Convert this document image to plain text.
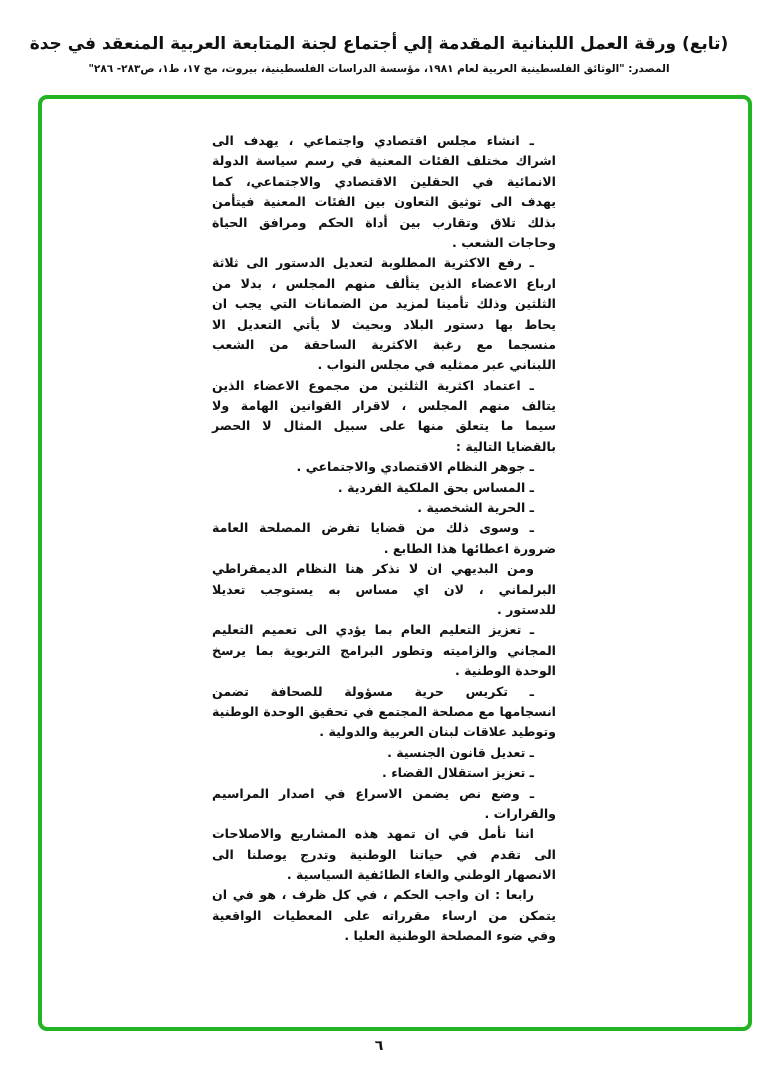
(تابع) ورقة العمل اللبنانية المقدمة إلي أجتماع لجنة المتابعة العربية المنعقد في جدة
المصدر: "الوثائق الفلسطينية العربية لعام ١٩٨١، مؤسسة الدراسات الفلسطينية، بيروت، مج ١٧، ط١، ص٢٨٣- ٢٨٦"
ـ انشاء مجلس اقتصادي واجتماعي ، يهدف الى
اشراك مختلف الفئات المعنية في رسم سياسة الدولة
الانمائية في الحقلين الاقتصادي والاجتماعي، كما
يهدف الى توثيق التعاون بين الفئات المعنية فيتأمن
بذلك تلاق وتقارب بين أداة الحكم ومرافق الحياة
وحاجات الشعب .
ـ رفع الاكثرية المطلوبة لتعديل الدستور الى ثلاثة
ارباع الاعضاء الذين يتألف منهم المجلس ، بدلا من
الثلثين وذلك تأمينا لمزيد من الضمانات التي يجب ان
يحاط بها دستور البلاد وبحيث لا يأتي التعديل الا
منسجما مع رغبة الاكثرية الساحقة من الشعب
اللبناني عبر ممثليه في مجلس النواب .
ـ اعتماد اكثرية الثلثين من مجموع الاعضاء الذين
يتالف منهم المجلس ، لاقرار القوانين الهامة ولا
سيما ما يتعلق منها على سبيل المثال لا الحصر
بالقضايا التالية :
ـ جوهر النظام الاقتصادي والاجتماعي .
ـ المساس بحق الملكية الفردية .
ـ الحرية الشخصية .
ـ وسوى ذلك من قضايا تفرض المصلحة العامة
ضرورة اعطائها هذا الطابع .
ومن البديهي ان لا نذكر هنا النظام الديمقراطي
البرلماني ، لان اي مساس به يستوجب تعديلا
للدستور .
ـ تعزيز التعليم العام بما يؤدي الى تعميم التعليم
المجاني والزاميته وتطور البرامج التربوية بما يرسخ
الوحدة الوطنية .
ـ تكريس حرية مسؤولة للصحافة تضمن
انسجامها مع مصلحة المجتمع في تحقيق الوحدة الوطنية
وتوطيد علاقات لبنان العربية والدولية .
ـ تعديل قانون الجنسية .
ـ تعزيز استقلال القضاء .
ـ وضع نص يضمن الاسراع في اصدار المراسيم
والقرارات .
اننا نأمل في ان تمهد هذه المشاريع والاصلاحات
الى تقدم في حياتنا الوطنية وتدرج يوصلنا الى
الانصهار الوطني والغاء الطائفية السياسية .
رابعا : ان واجب الحكم ، في كل ظرف ، هو في ان
يتمكن من ارساء مقرراته على المعطيات الواقعية
وفي ضوء المصلحة الوطنية العليا .
٦
